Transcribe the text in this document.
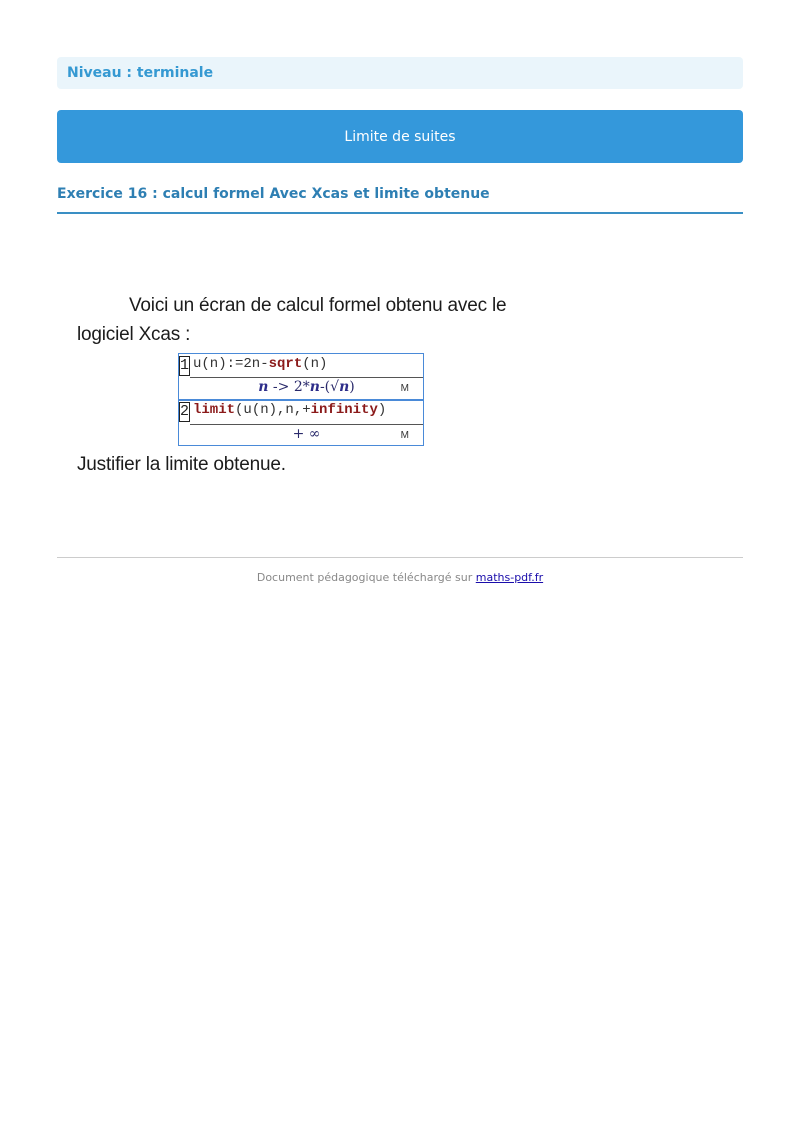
Niveau : terminale
Limite de suites
Exercice 16 : calcul formel Avec Xcas et limite obtenue
Voici un écran de calcul formel obtenu avec le
logiciel Xcas :
1 u(n):=2n-sqrt(n)
n -> 2*n-(√n)	M
2 limit(u(n),n,+infinity)
+ ∞	M
Justifier la limite obtenue.
Document pédagogique téléchargé sur maths-pdf.fr
